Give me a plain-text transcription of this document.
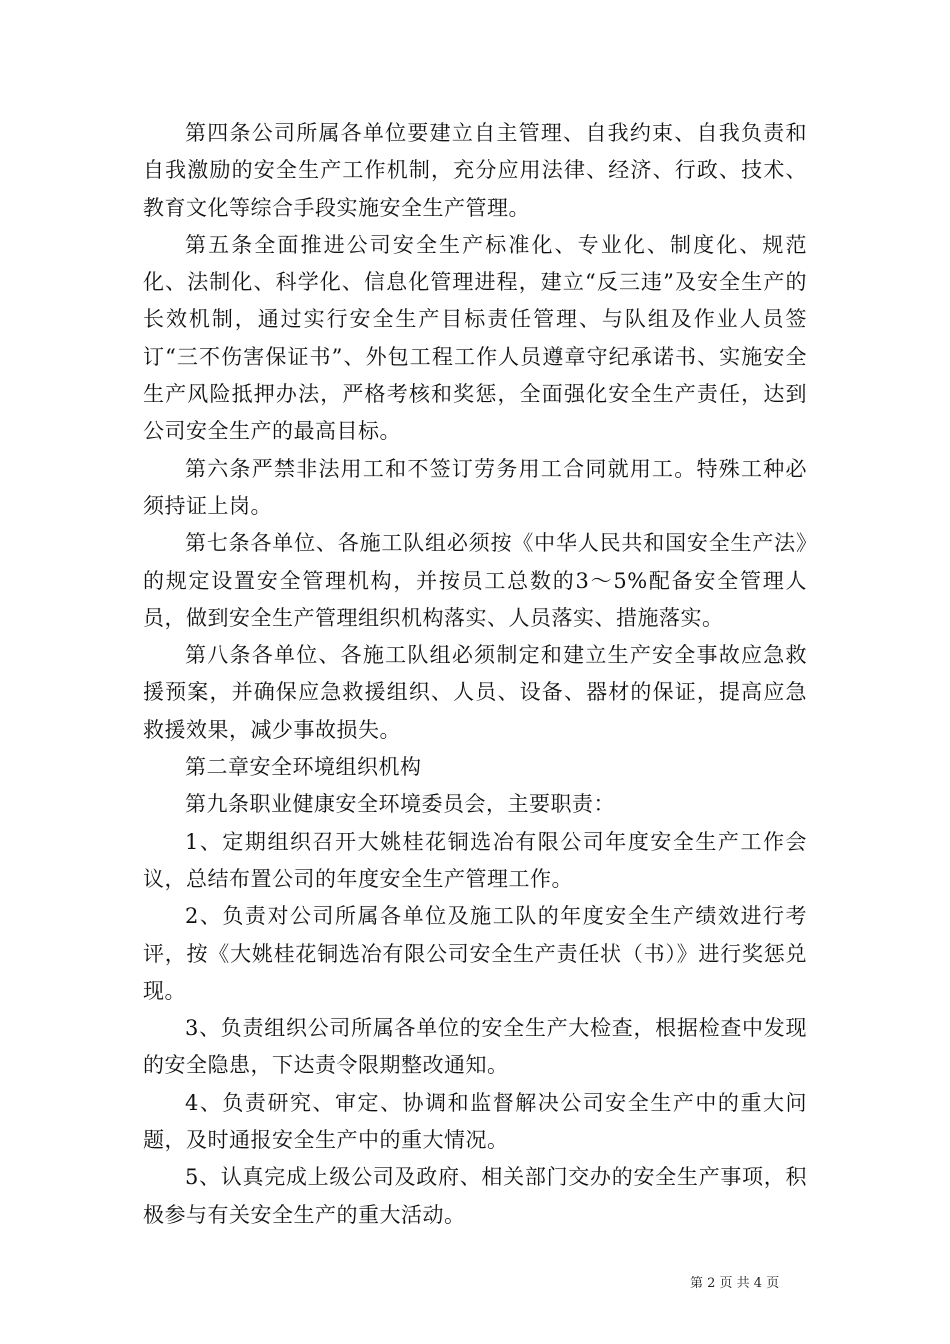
第四条公司所属各单位要建立自主管理、自我约束、自我负责和自我激励的安全生产工作机制，充分应用法律、经济、行政、技术、教育文化等综合手段实施安全生产管理。

第五条全面推进公司安全生产标准化、专业化、制度化、规范化、法制化、科学化、信息化管理进程，建立“反三违”及安全生产的长效机制，通过实行安全生产目标责任管理、与队组及作业人员签订“三不伤害保证书”、外包工程工作人员遵章守纪承诺书、实施安全生产风险抵押办法，严格考核和奖惩，全面强化安全生产责任，达到公司安全生产的最高目标。

第六条严禁非法用工和不签订劳务用工合同就用工。特殊工种必须持证上岗。

第七条各单位、各施工队组必须按《中华人民共和国安全生产法》的规定设置安全管理机构，并按员工总数的3～5%配备安全管理人员，做到安全生产管理组织机构落实、人员落实、措施落实。

第八条各单位、各施工队组必须制定和建立生产安全事故应急救援预案，并确保应急救援组织、人员、设备、器材的保证，提高应急救援效果，减少事故损失。

第二章安全环境组织机构

第九条职业健康安全环境委员会，主要职责：

1、定期组织召开大姚桂花铜选冶有限公司年度安全生产工作会议，总结布置公司的年度安全生产管理工作。

2、负责对公司所属各单位及施工队的年度安全生产绩效进行考评，按《大姚桂花铜选冶有限公司安全生产责任状（书）》进行奖惩兑现。

3、负责组织公司所属各单位的安全生产大检查，根据检查中发现的安全隐患，下达责令限期整改通知。

4、负责研究、审定、协调和监督解决公司安全生产中的重大问题，及时通报安全生产中的重大情况。

5、认真完成上级公司及政府、相关部门交办的安全生产事项，积极参与有关安全生产的重大活动。

第 2 页 共 4 页
